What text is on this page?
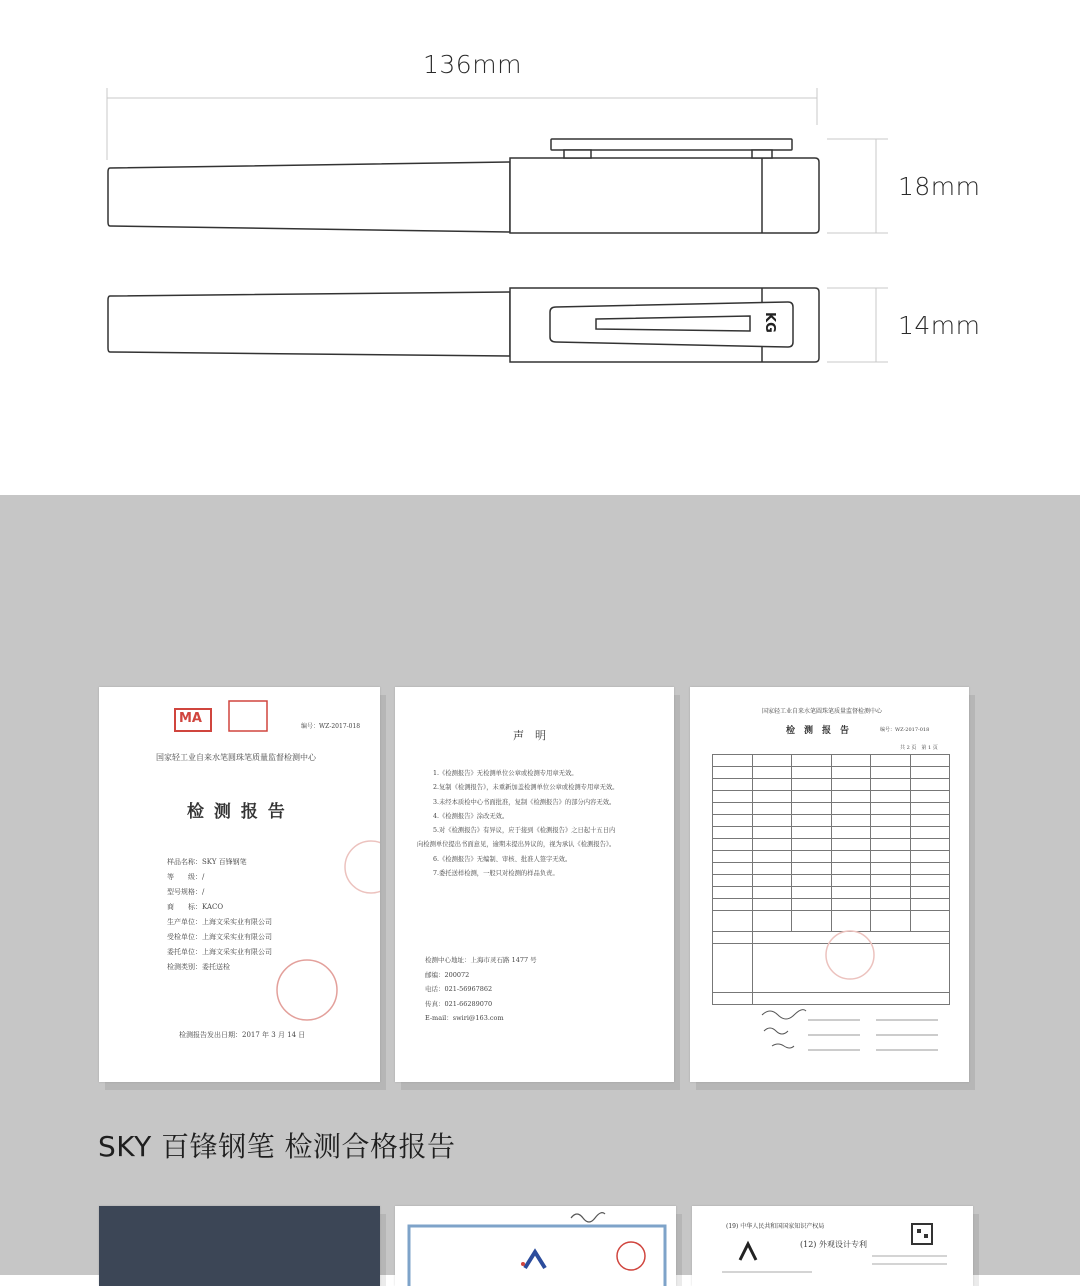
KG
136mm
18mm
14mm
MA
编号：WZ-2017-018
国家轻工业自来水笔圆珠笔质量监督检测中心
检 测 报 告
样品名称：SKY 百锋钢笔
等　　级：/
型号规格：/
商　　标：KACO
生产单位：上海文采实业有限公司
受检单位：上海文采实业有限公司
委托单位：上海文采实业有限公司
检测类别：委托送检
检测报告发出日期：2017 年 3 月 14 日
声　明
1.《检测报告》无检测单位公章或检测专用章无效。
2.复制《检测报告》，未重新加盖检测单位公章或检测专用章无效。
3.未经本质检中心书面批准，复制《检测报告》的部分内容无效。
4.《检测报告》涂改无效。
5.对《检测报告》有异议，应于接到《检测报告》之日起十五日内
向检测单位提出书面意见，逾期未提出异议的，视为承认《检测报告》。
6.《检测报告》无编制、审核、批准人签字无效。
7.委托送样检测，一般只对检测的样品负责。
检测中心地址：上海市灵石路 1477 号
邮编：200072
电话：021-56967862
传真：021-66289070
E-mail：swiri@163.com
国家轻工业自来水笔圆珠笔质量监督检测中心
检　测　报　告	编号：WZ-2017-018
共 2 页　第 1 页

SKY 百锋钢笔 检测合格报告
(19) 中华人民共和国国家知识产权局
(12) 外观设计专利
